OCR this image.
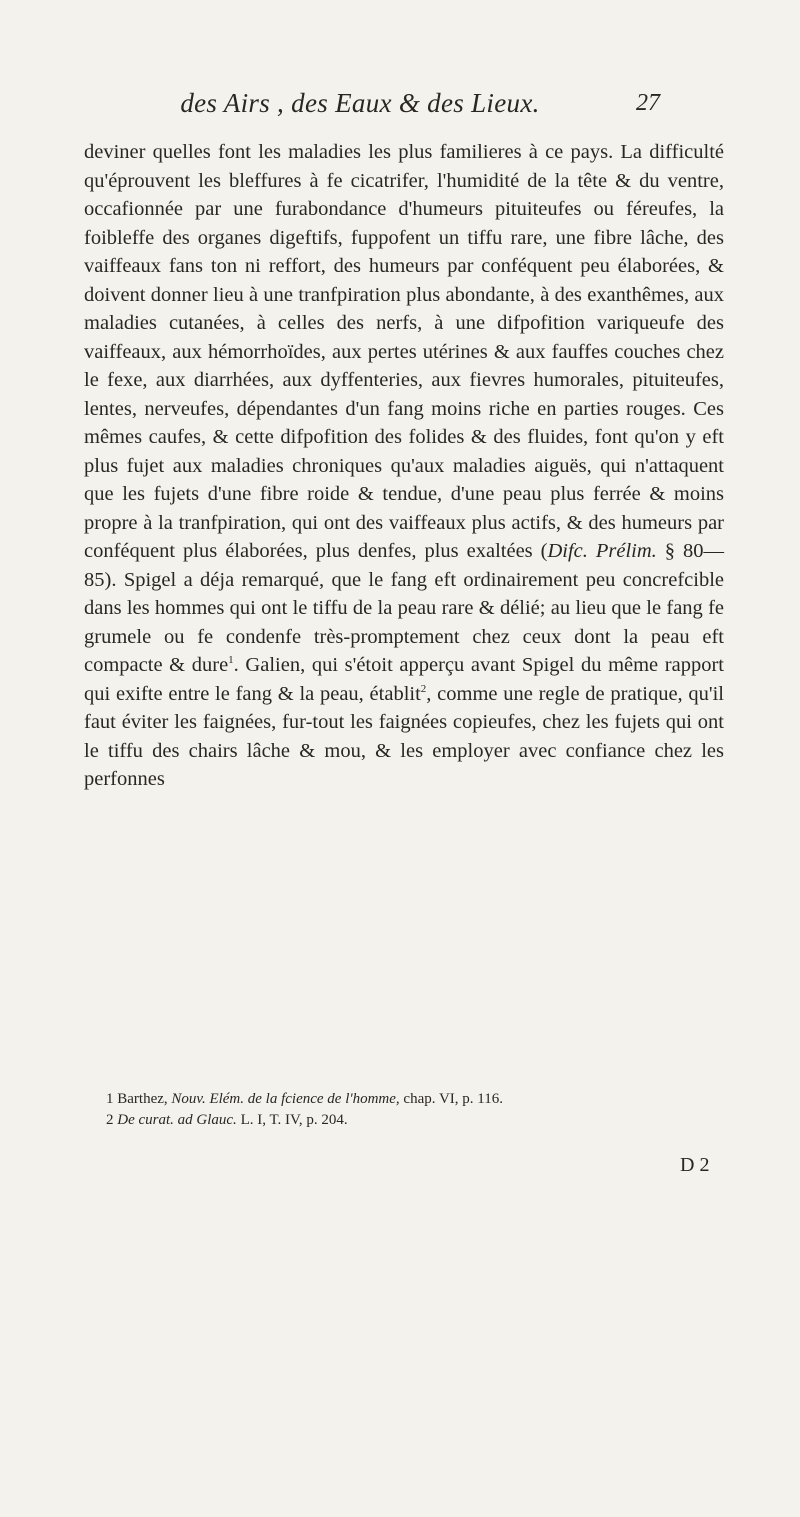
des Airs , des Eaux & des Lieux.	27

deviner quelles font les maladies les plus familieres à ce pays. La difficulté qu'éprouvent les bleffures à fe cicatrifer, l'humidité de la tête & du ventre, occafionnée par une furabondance d'humeurs pituiteufes ou féreufes, la foibleffe des organes digeftifs, fuppofent un tiffu rare, une fibre lâche, des vaiffeaux fans ton ni reffort, des humeurs par conféquent peu élaborées, & doivent donner lieu à une tranfpiration plus abondante, à des exanthêmes, aux maladies cutanées, à celles des nerfs, à une difpofition variqueufe des vaiffeaux, aux hémorrhoïdes, aux pertes utérines & aux fauffes couches chez le fexe, aux diarrhées, aux dyffenteries, aux fievres humorales, pituiteufes, lentes, nerveufes, dépendantes d'un fang moins riche en parties rouges. Ces mêmes caufes, & cette difpofition des folides & des fluides, font qu'on y eft plus fujet aux maladies chroniques qu'aux maladies aiguës, qui n'attaquent que les fujets d'une fibre roide & tendue, d'une peau plus ferrée & moins propre à la tranfpiration, qui ont des vaiffeaux plus actifs, & des humeurs par conféquent plus élaborées, plus denfes, plus exaltées (Difc. Prélim. § 80—85). Spigel a déja remarqué, que le fang eft ordinairement peu concrefcible dans les hommes qui ont le tiffu de la peau rare & délié; au lieu que le fang fe grumele ou fe condenfe très-promptement chez ceux dont la peau eft compacte & dure$^1$. Galien, qui s'étoit apperçu avant Spigel du même rapport qui exifte entre le fang & la peau, établit$^2$, comme une regle de pratique, qu'il faut éviter les faignées, fur-tout les faignées copieufes, chez les fujets qui ont le tiffu des chairs lâche & mou, & les employer avec confiance chez les perfonnes

1 Barthez, Nouv. Elém. de la fcience de l'homme, chap. VI, p. 116.

2 De curat. ad Glauc. L. I, T. IV, p. 204.

D 2
